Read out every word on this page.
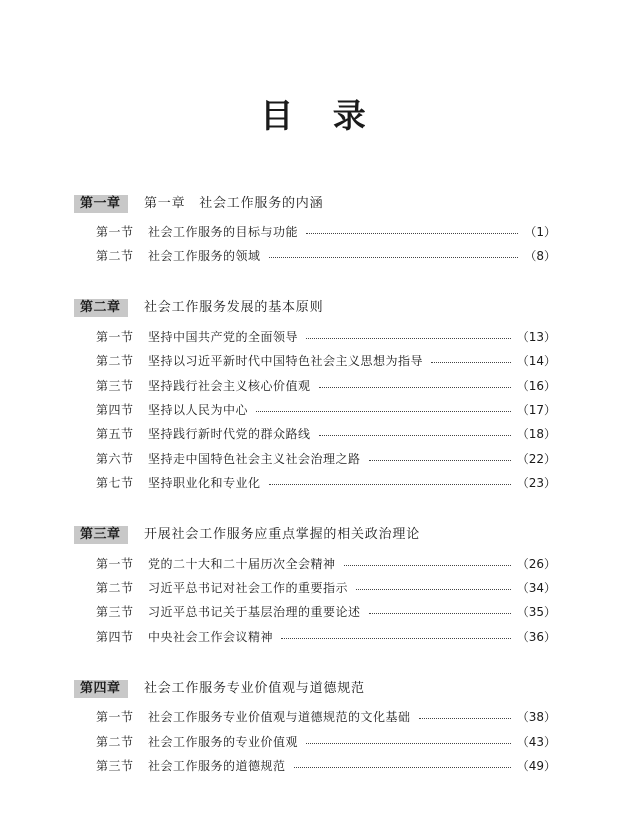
目 录
第一章	第一章　社会工作服务的内涵
第一节	社会工作服务的目标与功能	（1）
第二节	社会工作服务的领域	（8）
第二章	社会工作服务发展的基本原则
第一节	坚持中国共产党的全面领导	（13）
第二节	坚持以习近平新时代中国特色社会主义思想为指导	（14）
第三节	坚持践行社会主义核心价值观	（16）
第四节	坚持以人民为中心	（17）
第五节	坚持践行新时代党的群众路线	（18）
第六节	坚持走中国特色社会主义社会治理之路	（22）
第七节	坚持职业化和专业化	（23）
第三章	开展社会工作服务应重点掌握的相关政治理论
第一节	党的二十大和二十届历次全会精神	（26）
第二节	习近平总书记对社会工作的重要指示	（34）
第三节	习近平总书记关于基层治理的重要论述	（35）
第四节	中央社会工作会议精神	（36）
第四章	社会工作服务专业价值观与道德规范
第一节	社会工作服务专业价值观与道德规范的文化基础	（38）
第二节	社会工作服务的专业价值观	（43）
第三节	社会工作服务的道德规范	（49）
